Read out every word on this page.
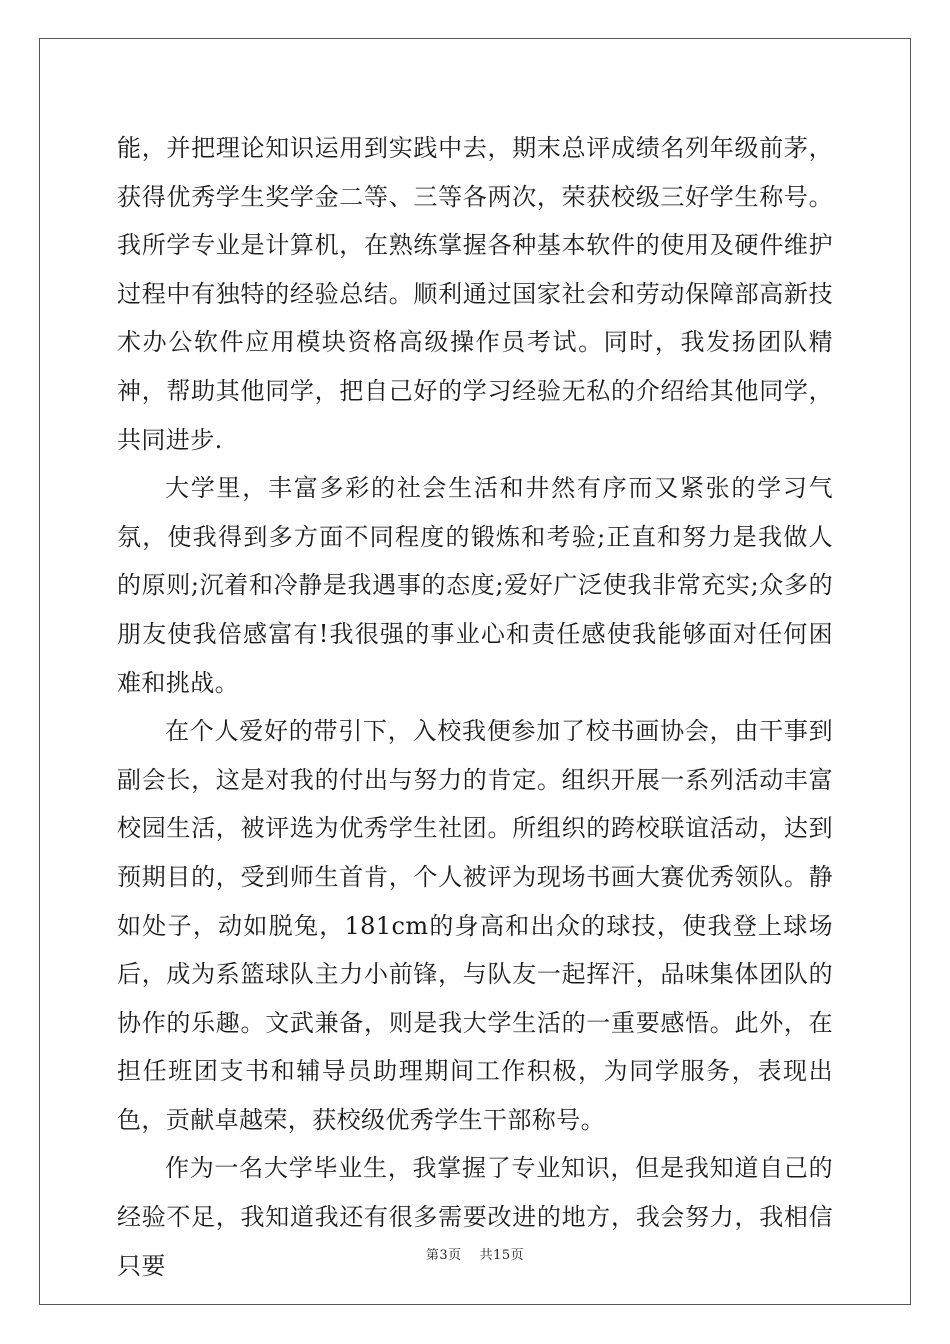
能，并把理论知识运用到实践中去，期末总评成绩名列年级前茅，获得优秀学生奖学金二等、三等各两次，荣获校级三好学生称号。我所学专业是计算机，在熟练掌握各种基本软件的使用及硬件维护过程中有独特的经验总结。顺利通过国家社会和劳动保障部高新技术办公软件应用模块资格高级操作员考试。同时，我发扬团队精神，帮助其他同学，把自己好的学习经验无私的介绍给其他同学，共同进步.

大学里，丰富多彩的社会生活和井然有序而又紧张的学习气氛，使我得到多方面不同程度的锻炼和考验;正直和努力是我做人的原则;沉着和冷静是我遇事的态度;爱好广泛使我非常充实;众多的朋友使我倍感富有!我很强的事业心和责任感使我能够面对任何困难和挑战。

在个人爱好的带引下，入校我便参加了校书画协会，由干事到副会长，这是对我的付出与努力的肯定。组织开展一系列活动丰富校园生活，被评选为优秀学生社团。所组织的跨校联谊活动，达到预期目的，受到师生首肯，个人被评为现场书画大赛优秀领队。静如处子，动如脱兔，181cm的身高和出众的球技，使我登上球场后，成为系篮球队主力小前锋，与队友一起挥汗，品味集体团队的协作的乐趣。文武兼备，则是我大学生活的一重要感悟。此外，在担任班团支书和辅导员助理期间工作积极，为同学服务，表现出色，贡献卓越荣，获校级优秀学生干部称号。

作为一名大学毕业生，我掌握了专业知识，但是我知道自己的经验不足，我知道我还有很多需要改进的地方，我会努力，我相信只要	第3页 共15页
